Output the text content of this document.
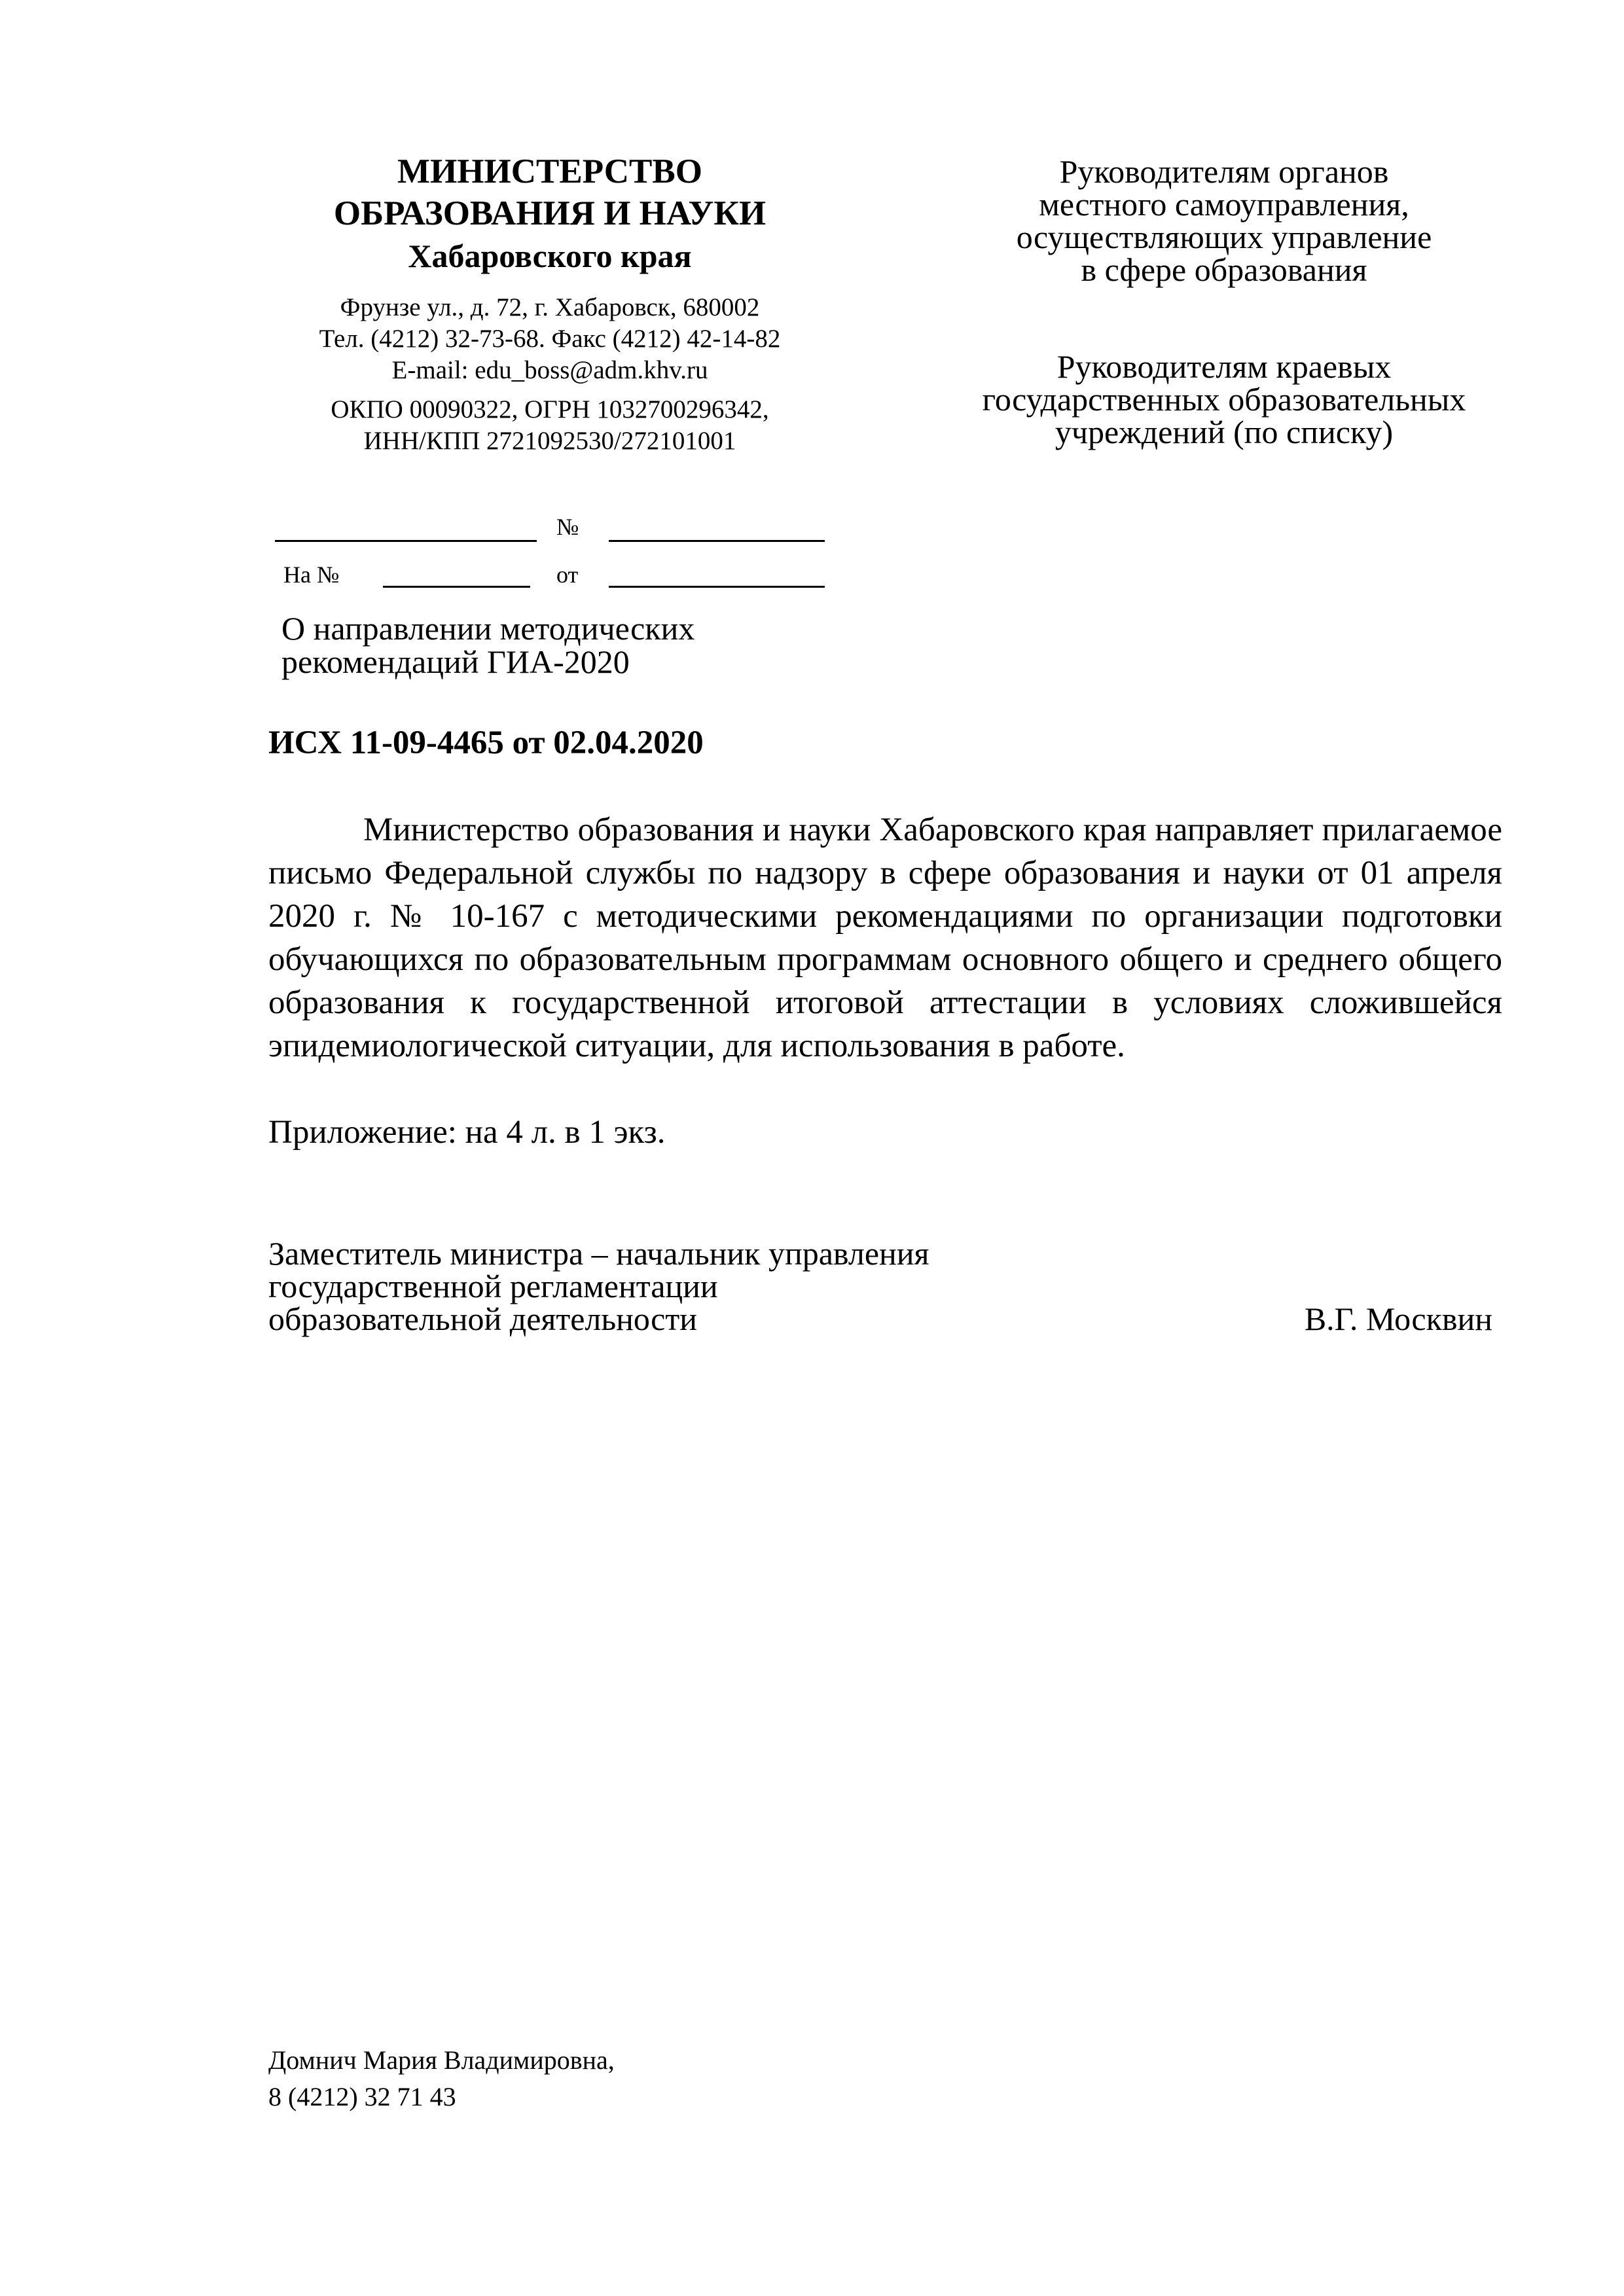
МИНИСТЕРСТВО
ОБРАЗОВАНИЯ И НАУКИ
Хабаровского края
Фрунзе ул., д. 72, г. Хабаровск, 680002
Тел. (4212) 32-73-68. Факс (4212) 42-14-82
E-mail: edu_boss@adm.khv.ru
ОКПО 00090322, ОГРН 1032700296342,
ИНН/КПП 2721092530/272101001
Руководителям органов
местного самоуправления,
осуществляющих управление
в сфере образования
Руководителям краевых
государственных образовательных
учреждений (по списку)
№
На №	от
О направлении методических
рекомендаций ГИА-2020
ИСХ 11-09-4465 от 02.04.2020
Министерство образования и науки Хабаровского края направляет прилагаемое письмо Федеральной службы по надзору в сфере образования и науки от 01 апреля 2020 г. № 10-167 с методическими рекомендациями по организации подготовки обучающихся по образовательным программам основного общего и среднего общего образования к государственной итоговой аттестации в условиях сложившейся эпидемиологической ситуации, для использования в работе.
Приложение: на 4 л. в 1 экз.
Заместитель министра – начальник управления
государственной регламентации
образовательной деятельности	В.Г. Москвин
Домнич Мария Владимировна,
8 (4212) 32 71 43
